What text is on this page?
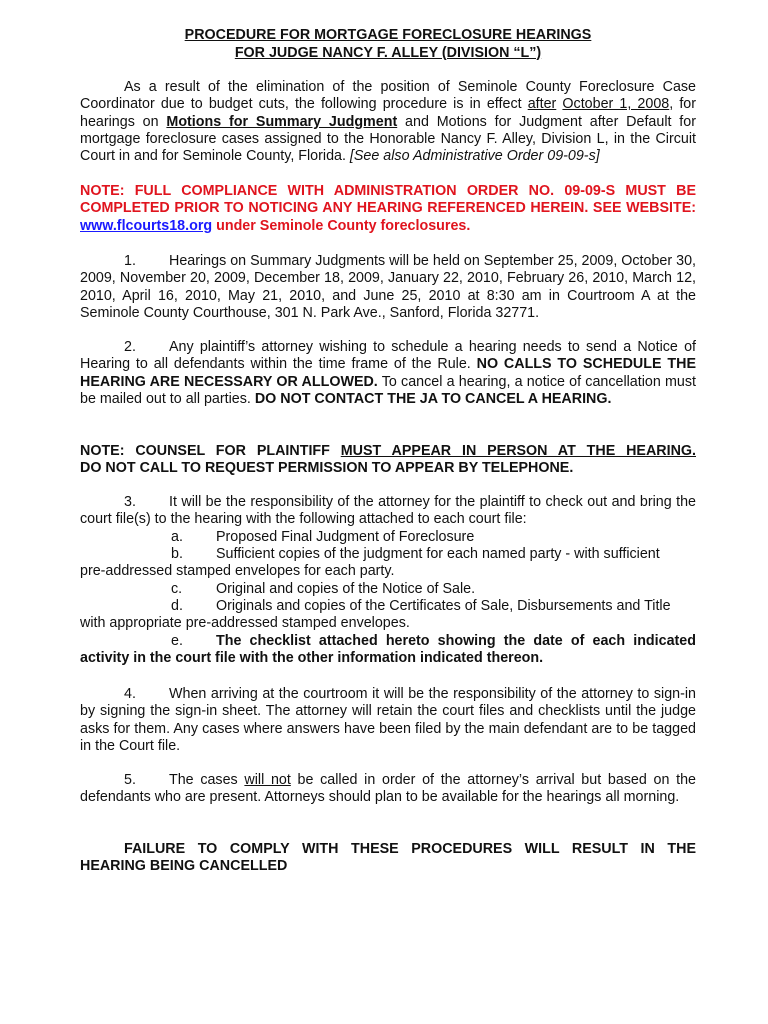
PROCEDURE FOR MORTGAGE FORECLOSURE HEARINGS
FOR JUDGE NANCY F. ALLEY (DIVISION “L”)

As a result of the elimination of the position of Seminole County Foreclosure Case Coordinator due to budget cuts, the following procedure is in effect after October 1, 2008, for hearings on Motions for Summary Judgment and Motions for Judgment after Default for mortgage foreclosure cases assigned to the Honorable Nancy F. Alley, Division L, in the Circuit Court in and for Seminole County, Florida. [See also Administrative Order 09-09-s]

NOTE: FULL COMPLIANCE WITH ADMINISTRATION ORDER NO. 09-09-S MUST BE COMPLETED PRIOR TO NOTICING ANY HEARING REFERENCED HEREIN. SEE WEBSITE: www.flcourts18.org under Seminole County foreclosures.

1. Hearings on Summary Judgments will be held on September 25, 2009, October 30, 2009, November 20, 2009, December 18, 2009, January 22, 2010, February 26, 2010, March 12, 2010, April 16, 2010, May 21, 2010, and June 25, 2010 at 8:30 am in Courtroom A at the Seminole County Courthouse, 301 N. Park Ave., Sanford, Florida 32771.

2. Any plaintiff’s attorney wishing to schedule a hearing needs to send a Notice of Hearing to all defendants within the time frame of the Rule. NO CALLS TO SCHEDULE THE HEARING ARE NECESSARY OR ALLOWED. To cancel a hearing, a notice of cancellation must be mailed out to all parties. DO NOT CONTACT THE JA TO CANCEL A HEARING.

NOTE: COUNSEL FOR PLAINTIFF MUST APPEAR IN PERSON AT THE HEARING.
DO NOT CALL TO REQUEST PERMISSION TO APPEAR BY TELEPHONE.

3. It will be the responsibility of the attorney for the plaintiff to check out and bring the court file(s) to the hearing with the following attached to each court file:

a. Proposed Final Judgment of Foreclosure
b. Sufficient copies of the judgment for each named party - with sufficient
pre-addressed stamped envelopes for each party.
c. Original and copies of the Notice of Sale.
d. Originals and copies of the Certificates of Sale, Disbursements and Title
with appropriate pre-addressed stamped envelopes.
e. The checklist attached hereto showing the date of each indicated
activity in the court file with the other information indicated thereon.

4. When arriving at the courtroom it will be the responsibility of the attorney to sign-in by signing the sign-in sheet. The attorney will retain the court files and checklists until the judge asks for them. Any cases where answers have been filed by the main defendant are to be tagged in the Court file.

5. The cases will not be called in order of the attorney’s arrival but based on the defendants who are present. Attorneys should plan to be available for the hearings all morning.

FAILURE TO COMPLY WITH THESE PROCEDURES WILL RESULT IN THE
HEARING BEING CANCELLED
